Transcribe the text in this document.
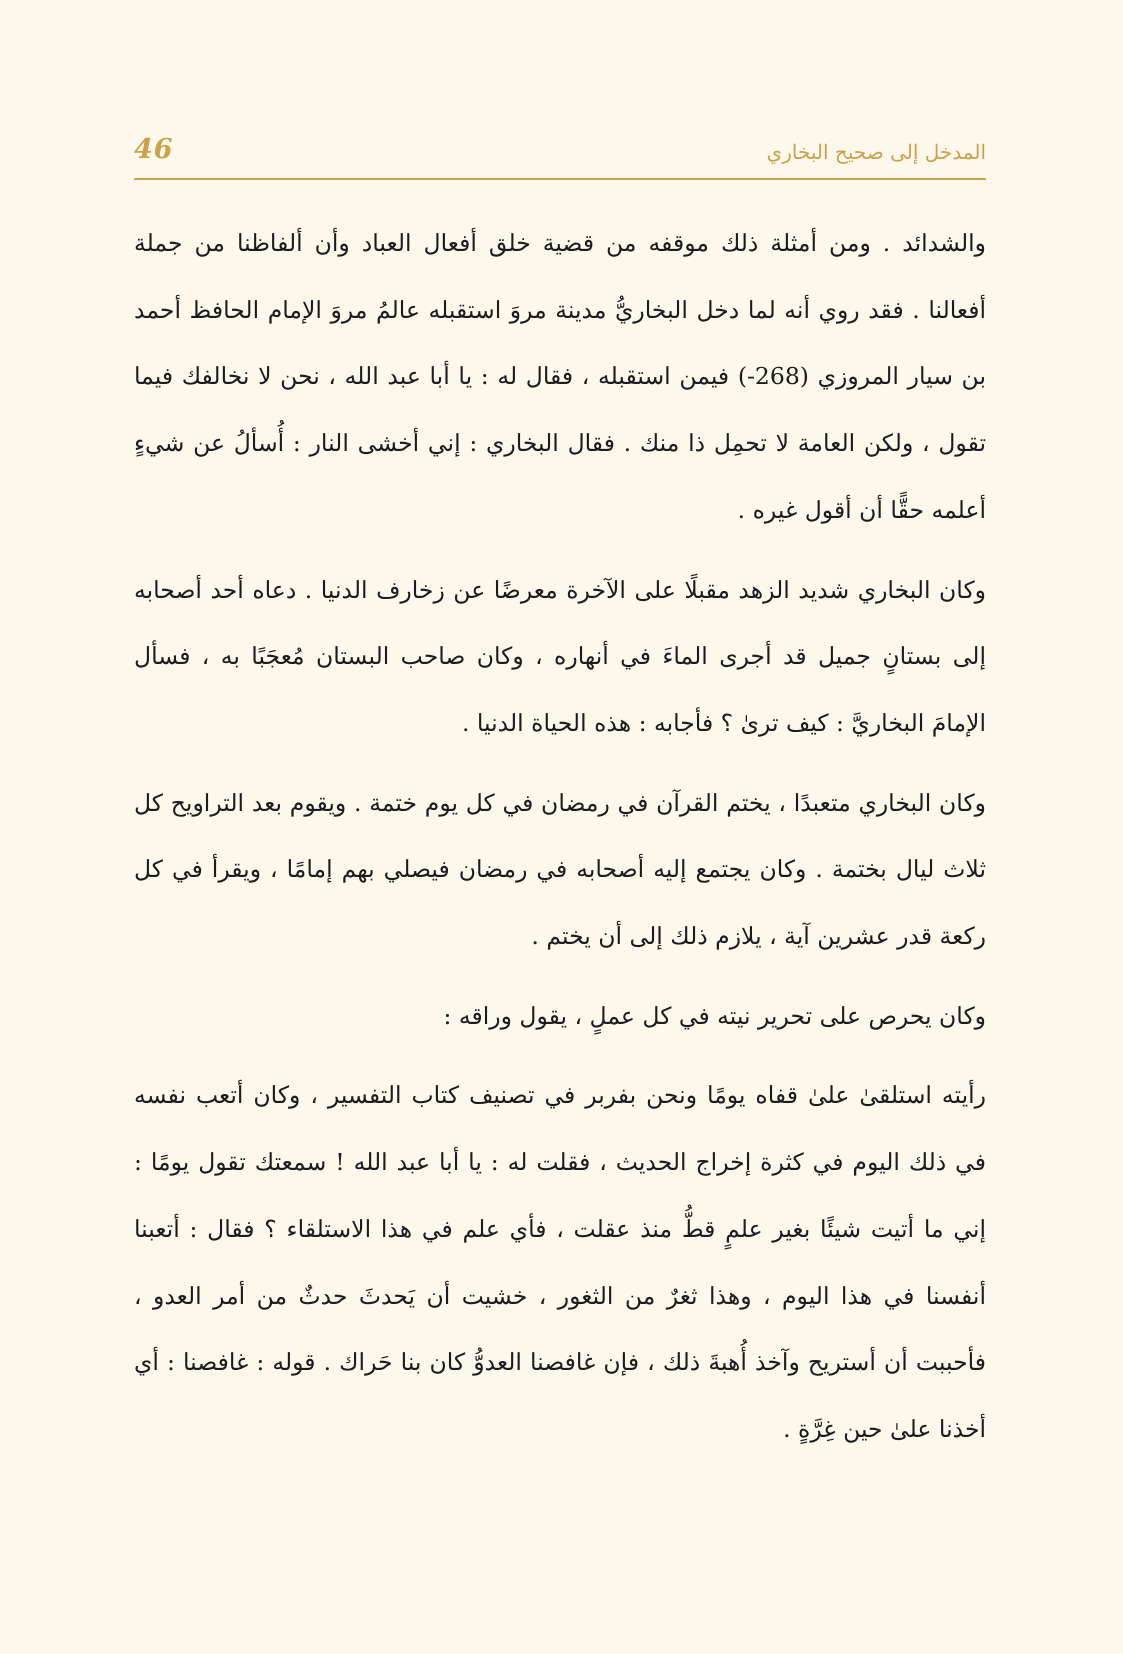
46	المدخل إلى صحيح البخاري

والشدائد . ومن أمثلة ذلك موقفه من قضية خلق أفعال العباد وأن ألفاظنا من جملة أفعالنا . فقد روي أنه لما دخل البخاريُّ مدينة مروَ استقبله عالمُ مروَ الإمام الحافظ أحمد بن سيار المروزي (‎-268) فيمن استقبله ، فقال له : يا أبا عبد الله ، نحن لا نخالفك فيما تقول ، ولكن العامة لا تحمِل ذا منك . فقال البخاري : إني أخشى النار : أُسألُ عن شيءٍ أعلمه حقًّا أن أقول غيره .

وكان البخاري شديد الزهد مقبلًا على الآخرة معرضًا عن زخارف الدنيا . دعاه أحد أصحابه إلى بستانٍ جميل قد أجرى الماءَ في أنهاره ، وكان صاحب البستان مُعجَبًا به ، فسأل الإمامَ البخاريَّ : كيف ترىٰ ؟ فأجابه : هذه الحياة الدنيا .

وكان البخاري متعبدًا ، يختم القرآن في رمضان في كل يوم ختمة . ويقوم بعد التراويح كل ثلاث ليال بختمة . وكان يجتمع إليه أصحابه في رمضان فيصلي بهم إمامًا ، ويقرأ في كل ركعة قدر عشرين آية ، يلازم ذلك إلى أن يختم .

وكان يحرص على تحرير نيته في كل عملٍ ، يقول وراقه :

رأيته استلقىٰ علىٰ قفاه يومًا ونحن بفربر في تصنيف كتاب التفسير ، وكان أتعب نفسه في ذلك اليوم في كثرة إخراج الحديث ، فقلت له : يا أبا عبد الله ! سمعتك تقول يومًا : إني ما أتيت شيئًا بغير علمٍ قطُّ منذ عقلت ، فأي علم في هذا الاستلقاء ؟ فقال : أتعبنا أنفسنا في هذا اليوم ، وهذا ثغرٌ من الثغور ، خشيت أن يَحدثَ حدثٌ من أمر العدو ، فأحببت أن أستريح وآخذ أُهبةَ ذلك ، فإن غافصنا العدوُّ كان بنا حَراك . قوله : غافصنا : أي أخذنا علىٰ حين غِرَّةٍ .
